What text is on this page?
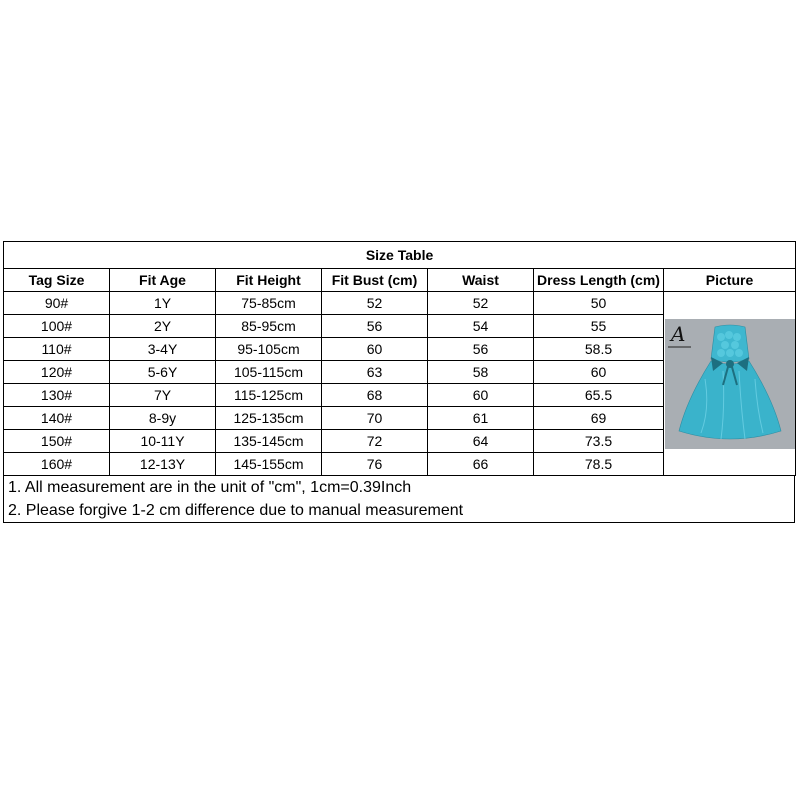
Size Table						
Tag Size	Fit Age	Fit Height	Fit Bust (cm)	Waist	Dress Length (cm)	Picture
90#	1Y	75-85cm	52	52	50	A

100#	2Y	85-95cm	56	54	55	
110#	3-4Y	95-105cm	60	56	58.5	
120#	5-6Y	105-115cm	63	58	60	
130#	7Y	115-125cm	68	60	65.5	
140#	8-9y	125-135cm	70	61	69	
150#	10-11Y	135-145cm	72	64	73.5	
160#	12-13Y	145-155cm	76	66	78.5	
1. All measurement are in the unit of "cm", 1cm=0.39Inch
2. Please forgive 1-2 cm difference due to manual measurement
